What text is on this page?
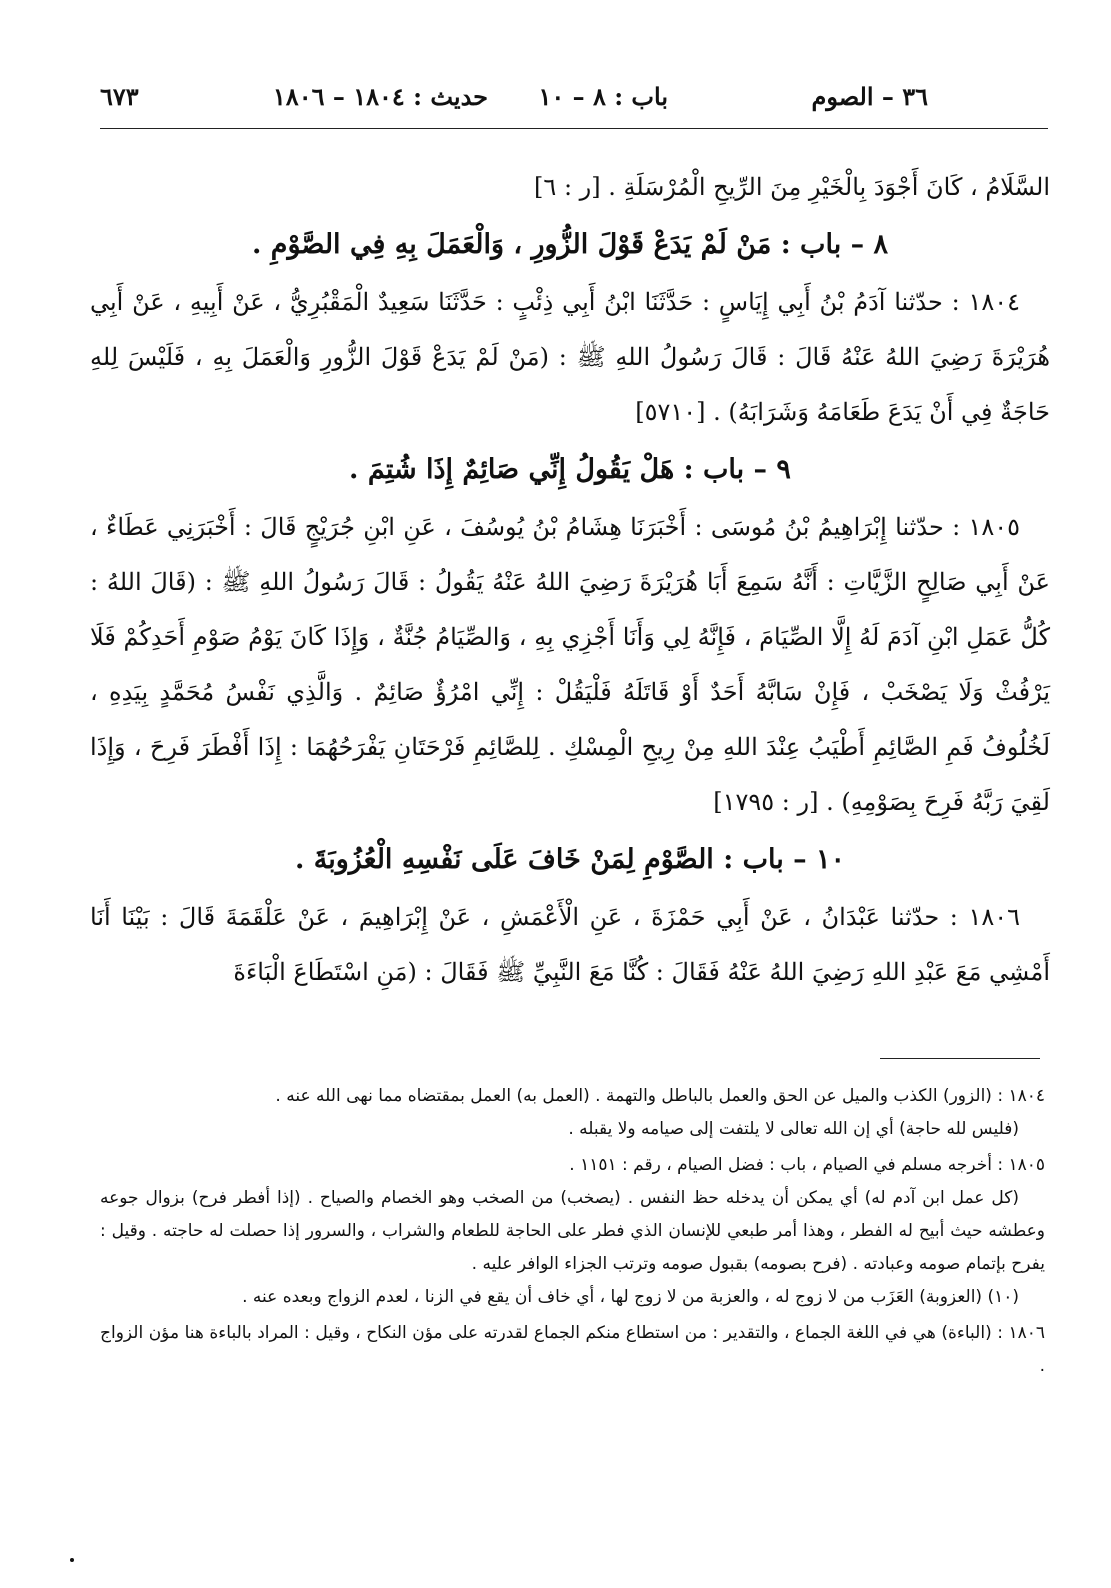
٣٦ – الصوم
باب : ٨ – ١٠
حديث : ١٨٠٤ – ١٨٠٦
٦٧٣

السَّلَامُ ، كَانَ أَجْوَدَ بِالْخَيْرِ مِنَ الرِّيحِ الْمُرْسَلَةِ . [ر : ٦]

٨ – باب : مَنْ لَمْ يَدَعْ قَوْلَ الزُّورِ ، وَالْعَمَلَ بِهِ فِي الصَّوْمِ .

١٨٠٤ : حدّثنا آدَمُ بْنُ أَبِي إِيَاسٍ : حَدَّثَنَا ابْنُ أَبِي ذِئْبٍ : حَدَّثَنَا سَعِيدٌ الْمَقْبُرِيُّ ، عَنْ أَبِيهِ ، عَنْ أَبِي هُرَيْرَةَ رَضِيَ اللهُ عَنْهُ قَالَ : قَالَ رَسُولُ اللهِ ﷺ : (مَنْ لَمْ يَدَعْ قَوْلَ الزُّورِ وَالْعَمَلَ بِهِ ، فَلَيْسَ لِلهِ حَاجَةٌ فِي أَنْ يَدَعَ طَعَامَهُ وَشَرَابَهُ) . [٥٧١٠]

٩ – باب : هَلْ يَقُولُ إِنِّي صَائِمٌ إِذَا شُتِمَ .

١٨٠٥ : حدّثنا إِبْرَاهِيمُ بْنُ مُوسَى : أَخْبَرَنَا هِشَامُ بْنُ يُوسُفَ ، عَنِ ابْنِ جُرَيْجٍ قَالَ : أَخْبَرَنِي عَطَاءٌ ، عَنْ أَبِي صَالِحٍ الزَّيَّاتِ : أَنَّهُ سَمِعَ أَبَا هُرَيْرَةَ رَضِيَ اللهُ عَنْهُ يَقُولُ : قَالَ رَسُولُ اللهِ ﷺ : (قَالَ اللهُ : كُلُّ عَمَلِ ابْنِ آدَمَ لَهُ إِلَّا الصِّيَامَ ، فَإِنَّهُ لِي وَأَنَا أَجْزِي بِهِ ، وَالصِّيَامُ جُنَّةٌ ، وَإِذَا كَانَ يَوْمُ صَوْمِ أَحَدِكُمْ فَلَا يَرْفُثْ وَلَا يَصْخَبْ ، فَإِنْ سَابَّهُ أَحَدٌ أَوْ قَاتَلَهُ فَلْيَقُلْ : إِنِّي امْرُؤٌ صَائِمٌ . وَالَّذِي نَفْسُ مُحَمَّدٍ بِيَدِهِ ، لَخُلُوفُ فَمِ الصَّائِمِ أَطْيَبُ عِنْدَ اللهِ مِنْ رِيحِ الْمِسْكِ . لِلصَّائِمِ فَرْحَتَانِ يَفْرَحُهُمَا : إِذَا أَفْطَرَ فَرِحَ ، وَإِذَا لَقِيَ رَبَّهُ فَرِحَ بِصَوْمِهِ) . [ر : ١٧٩٥]

١٠ – باب : الصَّوْمِ لِمَنْ خَافَ عَلَى نَفْسِهِ الْعُزُوبَةَ .

١٨٠٦ : حدّثنا عَبْدَانُ ، عَنْ أَبِي حَمْزَةَ ، عَنِ الْأَعْمَشِ ، عَنْ إِبْرَاهِيمَ ، عَنْ عَلْقَمَةَ قَالَ : بَيْنَا أَنَا أَمْشِي مَعَ عَبْدِ اللهِ رَضِيَ اللهُ عَنْهُ فَقَالَ : كُنَّا مَعَ النَّبِيِّ ﷺ فَقَالَ : (مَنِ اسْتَطَاعَ الْبَاءَةَ

١٨٠٤ : (الزور) الكذب والميل عن الحق والعمل بالباطل والتهمة . (العمل به) العمل بمقتضاه مما نهى الله عنه .
(فليس لله حاجة) أي إن الله تعالى لا يلتفت إلى صيامه ولا يقبله .
١٨٠٥ : أخرجه مسلم في الصيام ، باب : فضل الصيام ، رقم : ١١٥١ .
(كل عمل ابن آدم له) أي يمكن أن يدخله حظ النفس . (يصخب) من الصخب وهو الخصام والصياح . (إذا أفطر فرح) بزوال جوعه وعطشه حيث أبيح له الفطر ، وهذا أمر طبعي للإنسان الذي فطر على الحاجة للطعام والشراب ، والسرور إذا حصلت له حاجته . وقيل : يفرح بإتمام صومه وعبادته . (فرح بصومه) بقبول صومه وترتب الجزاء الوافر عليه .
(١٠) (العزوبة) العَزَب من لا زوج له ، والعزبة من لا زوج لها ، أي خاف أن يقع في الزنا ، لعدم الزواج وبعده عنه .
١٨٠٦ : (الباءة) هي في اللغة الجماع ، والتقدير : من استطاع منكم الجماع لقدرته على مؤن النكاح ، وقيل : المراد بالباءة هنا مؤن الزواج .
